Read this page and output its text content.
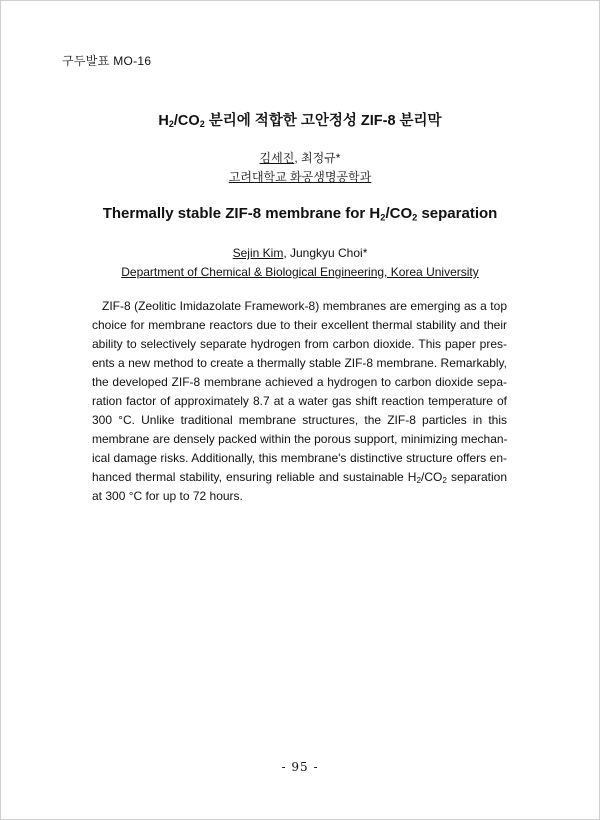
구두발표 MO-16
$H_2/CO_2$ 분리에 적합한 고안정성 ZIF-8 분리막
김세진, 최정규*
고려대학교 화공생명공학과
Thermally stable ZIF-8 membrane for $H_2/CO_2$ separation
Sejin Kim, Jungkyu Choi*
Department of Chemical & Biological Engineering, Korea University
ZIF-8 (Zeolitic Imidazolate Framework-8) membranes are emerging as a top
choice for membrane reactors due to their excellent thermal stability and their
ability to selectively separate hydrogen from carbon dioxide. This paper pres-
ents a new method to create a thermally stable ZIF-8 membrane. Remarkably,
the developed ZIF-8 membrane achieved a hydrogen to carbon dioxide sepa-
ration factor of approximately 8.7 at a water gas shift reaction temperature of
300 °C. Unlike traditional membrane structures, the ZIF-8 particles in this
membrane are densely packed within the porous support, minimizing mechan-
ical damage risks. Additionally, this membrane's distinctive structure offers en-
hanced thermal stability, ensuring reliable and sustainable $H_2/CO_2$ separation
at 300 °C for up to 72 hours.
- 95 -
